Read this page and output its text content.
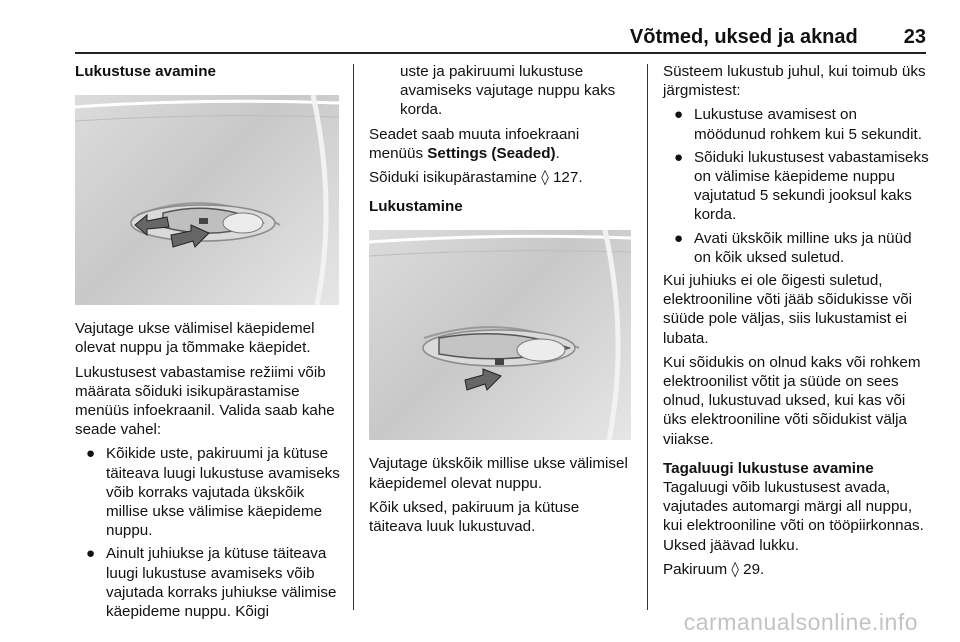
Võtmed, uksed ja aknad 23

Lukustuse avamine

Vajutage ukse välimisel käepidemel olevat nuppu ja tõmmake käepidet.

Lukustusest vabastamise režiimi võib määrata sõiduki isikupärastamise menüüs infoekraanil. Valida saab kahe seade vahel:

● Kõikide uste, pakiruumi ja kütuse täiteava luugi lukustuse avamiseks võib korraks vajutada ükskõik millise ukse välimise käepideme nuppu.
● Ainult juhiukse ja kütuse täiteava luugi lukustuse avamiseks võib vajutada korraks juhiukse välimise käepideme nuppu. Kõigi

uste ja pakiruumi lukustuse avamiseks vajutage nuppu kaks korda.

Seadet saab muuta infoekraani menüüs Settings (Seaded).

Sõiduki isikupärastamine ◊ 127.

Lukustamine

Vajutage ükskõik millise ukse välimisel käepidemel olevat nuppu.

Kõik uksed, pakiruum ja kütuse täiteava luuk lukustuvad.

Süsteem lukustub juhul, kui toimub üks järgmistest:

● Lukustuse avamisest on möödunud rohkem kui 5 sekundit.
● Sõiduki lukustusest vabastamiseks on välimise käepideme nuppu vajutatud 5 sekundi jooksul kaks korda.
● Avati ükskõik milline uks ja nüüd on kõik uksed suletud.

Kui juhiuks ei ole õigesti suletud, elektrooniline võti jääb sõidukisse või süüde pole väljas, siis lukustamist ei lubata.

Kui sõidukis on olnud kaks või rohkem elektroonilist võtit ja süüde on sees olnud, lukustuvad uksed, kui kas või üks elektrooniline võti sõidukist välja viiakse.

Tagaluugi lukustuse avamine

Tagaluugi võib lukustusest avada, vajutades automargi märgi all nuppu, kui elektrooniline võti on tööpiirkonnas. Uksed jäävad lukku.

Pakiruum ◊ 29.

carmanualsonline.info
